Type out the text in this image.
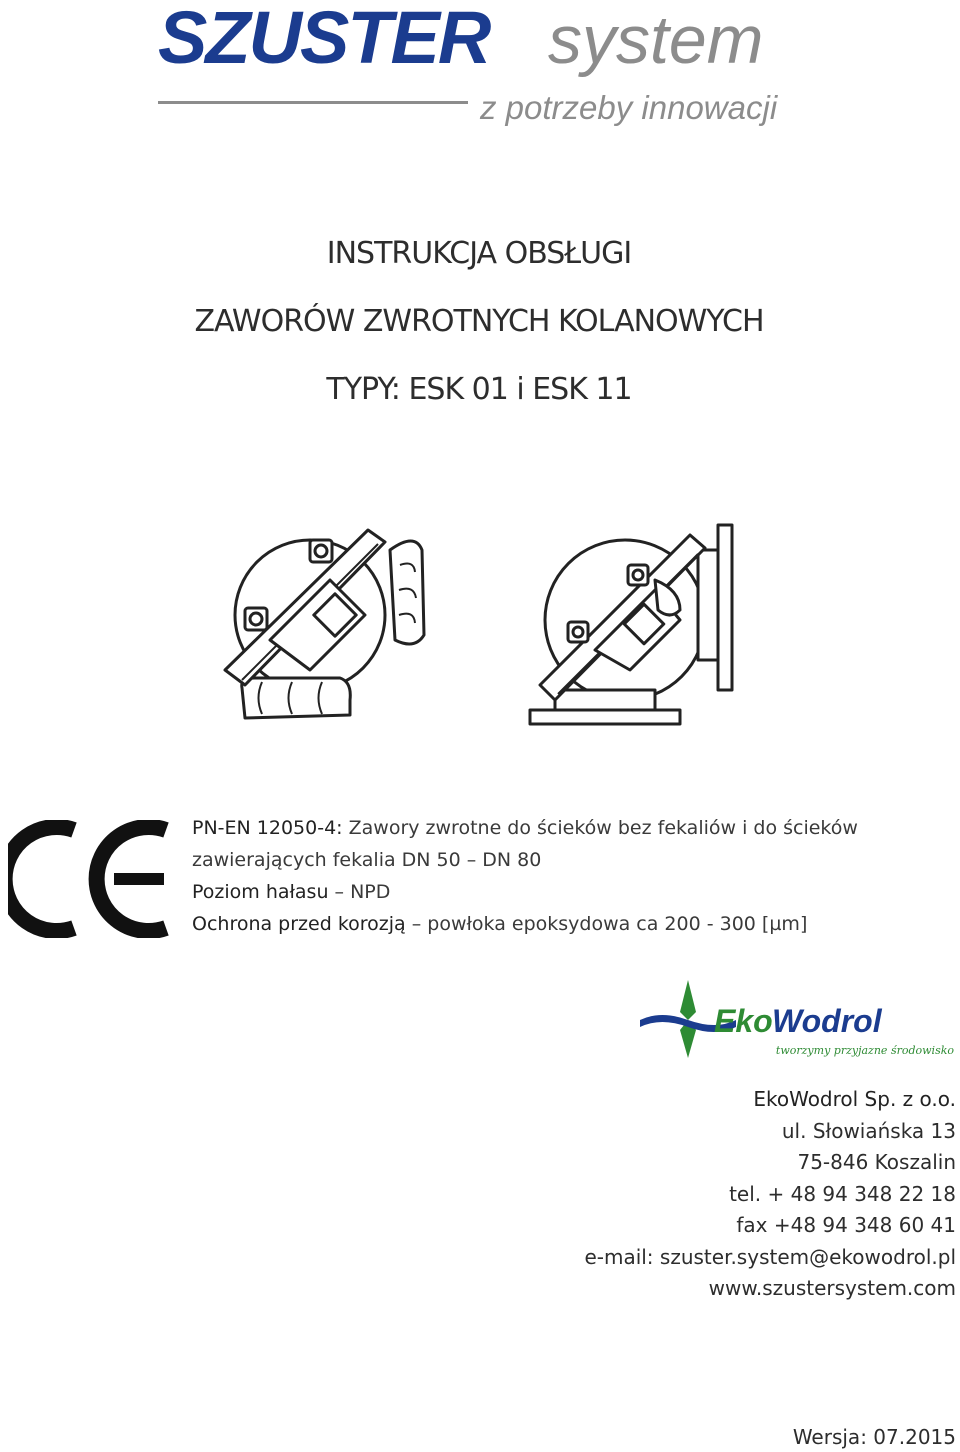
SZUSTER system
z potrzeby innowacji
INSTRUKCJA OBSŁUGI
ZAWORÓW ZWROTNYCH KOLANOWYCH
TYPY: ESK 01 i ESK 11
PN-EN 12050-4: Zawory zwrotne do ścieków bez fekaliów i do ścieków
zawierających fekalia DN 50 – DN 80
Poziom hałasu – NPD
Ochrona przed korozją – powłoka epoksydowa ca 200 - 300 [µm]
Eko Wodrol
tworzymy przyjazne środowisko
EkoWodrol Sp. z o.o.
ul. Słowiańska 13
75-846 Koszalin
tel. + 48 94 348 22 18
fax +48 94 348 60 41
e-mail: szuster.system@ekowodrol.pl
www.szustersystem.com
Wersja: 07.2015
